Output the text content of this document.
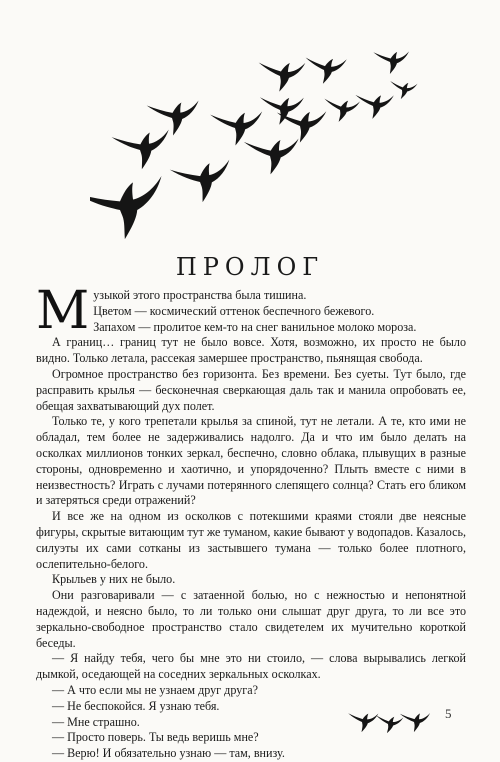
ПРОЛОГ

Музыкой этого пространства была тишина.

Цветом — космический оттенок беспечного бежевого.

Запахом — пролитое кем-то на снег ванильное молоко мороза.

А границ… границ тут не было вовсе. Хотя, возможно, их просто не было видно. Только летала, рассекая замершее пространство, пьянящая свобода.

Огромное пространство без горизонта. Без времени. Без суеты. Тут было, где расправить крылья — бесконечная сверкающая даль так и манила опробовать ее, обещая захватывающий дух полет.

Только те, у кого трепетали крылья за спиной, тут не летали. А те, кто ими не обладал, тем более не задерживались надолго. Да и что им было делать на осколках миллионов тонких зеркал, беспечно, словно облака, плывущих в разные стороны, одновременно и хаотично, и упорядоченно? Плыть вместе с ними в неизвестность? Играть с лучами потерянного слепящего солнца? Стать его бликом и затеряться среди отражений?

И все же на одном из осколков с потекшими краями стояли две неясные фигуры, скрытые витающим тут же туманом, какие бывают у водопадов. Казалось, силуэты их сами сотканы из застывшего тумана — только более плотного, ослепительно-белого.

Крыльев у них не было.

Они разговаривали — с затаенной болью, но с нежностью и непонятной надеждой, и неясно было, то ли только они слышат друг друга, то ли все это зеркально-свободное пространство стало свидетелем их мучительно короткой беседы.

— Я найду тебя, чего бы мне это ни стоило, — слова вырывались легкой дымкой, оседающей на соседних зеркальных осколках.

— А что если мы не узнаем друг друга?

— Не беспокойся. Я узнаю тебя.

— Мне страшно.

— Просто поверь. Ты ведь веришь мне?

— Верю! И обязательно узнаю — там, внизу.

5
